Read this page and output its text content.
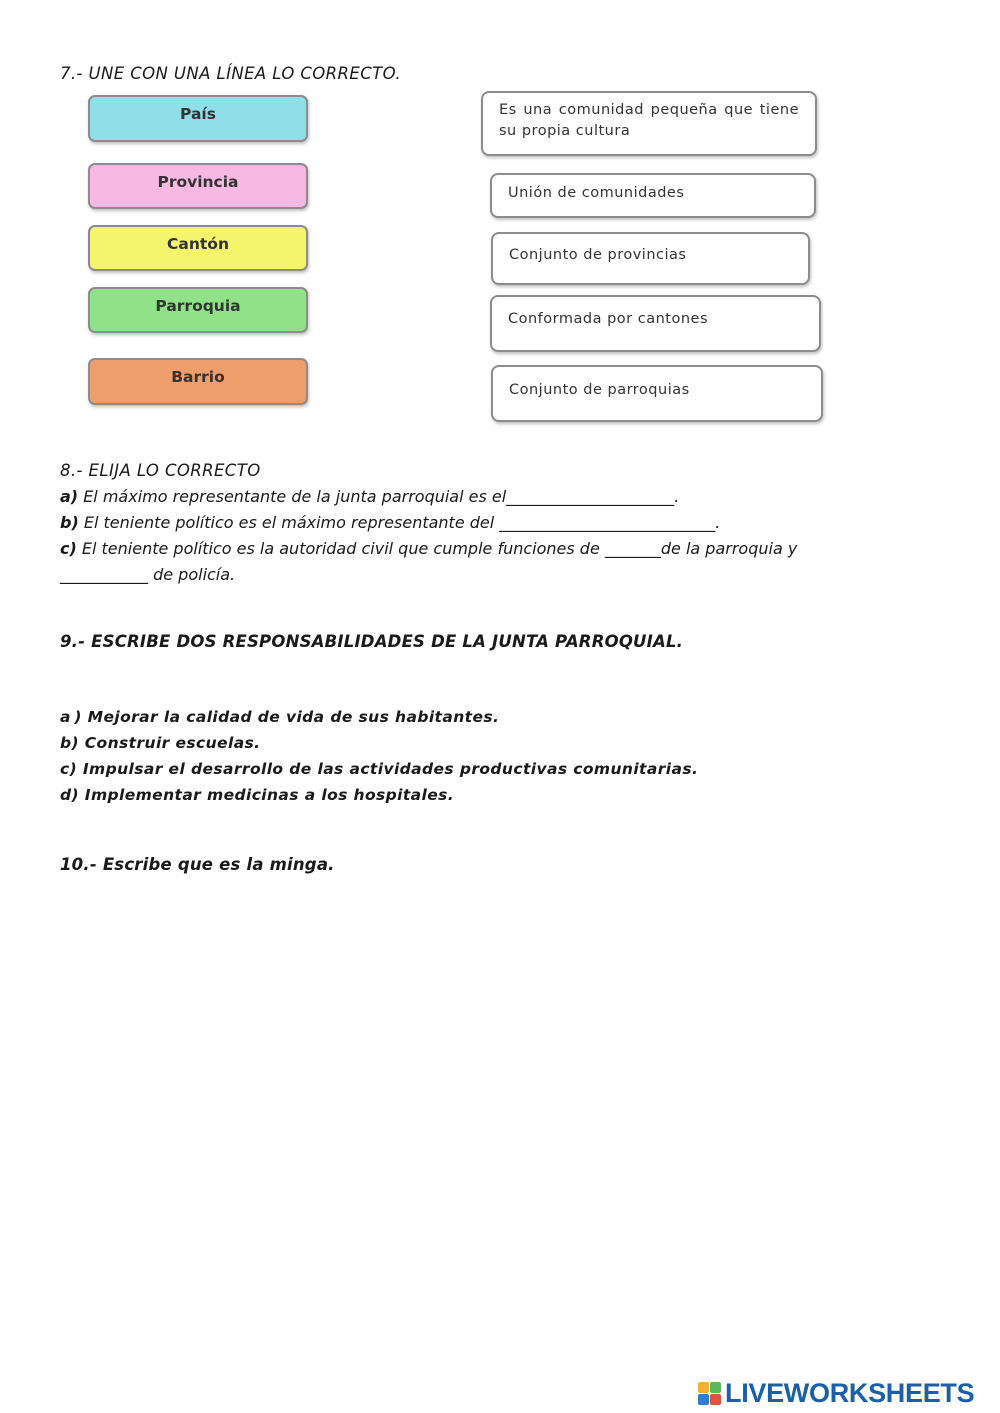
7.- UNE CON UNA LÍNEA LO CORRECTO.
País
Provincia
Cantón
Parroquia
Barrio
Es una comunidad pequeña que tiene su propia cultura
Unión de comunidades
Conjunto de provincias
Conformada por cantones
Conjunto de parroquias
8.- ELIJA LO CORRECTO

a) El máximo representante de la junta parroquial es el_____________________.

b) El teniente político es el máximo representante del ___________________________.

c) El teniente político es la autoridad civil que cumple funciones de _______de la parroquia y

___________ de policía.

9.- ESCRIBE DOS RESPONSABILIDADES DE LA JUNTA PARROQUIAL.

a ) Mejorar la calidad de vida de sus habitantes.

b) Construir escuelas.

c) Impulsar el desarrollo de las actividades productivas comunitarias.

d) Implementar medicinas a los hospitales.

10.- Escribe que es la minga.
LIVEWORKSHEETS
